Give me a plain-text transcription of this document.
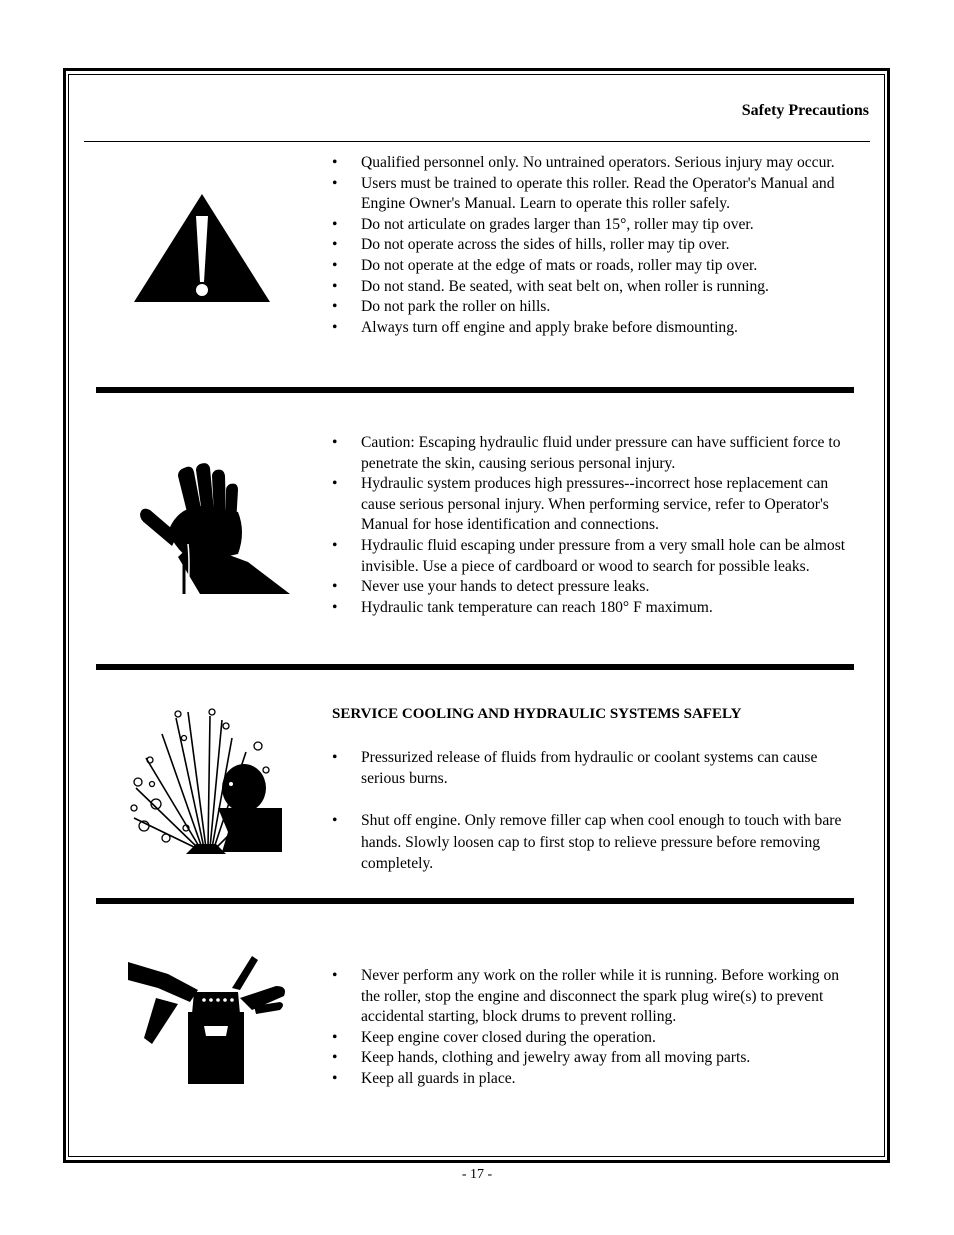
Safety Precautions
• Qualified personnel only. No untrained operators. Serious injury may occur.
• Users must be trained to operate this roller. Read the Operator's Manual and Engine Owner's Manual. Learn to operate this roller safely.
• Do not articulate on grades larger than 15°, roller may tip over.
• Do not operate across the sides of hills, roller may tip over.
• Do not operate at the edge of mats or roads, roller may tip over.
• Do not stand. Be seated, with seat belt on, when roller is running.
• Do not park the roller on hills.
• Always turn off engine and apply brake before dismounting.
• Caution: Escaping hydraulic fluid under pressure can have sufficient force to penetrate the skin, causing serious personal injury.
• Hydraulic system produces high pressures--incorrect hose replacement can cause serious personal injury. When performing service, refer to Operator's Manual for hose identification and connections.
• Hydraulic fluid escaping under pressure from a very small hole can be almost invisible. Use a piece of cardboard or wood to search for possible leaks.
• Never use your hands to detect pressure leaks.
• Hydraulic tank temperature can reach 180° F maximum.
SERVICE COOLING AND HYDRAULIC SYSTEMS SAFELY
• Pressurized release of fluids from hydraulic or coolant systems can cause serious burns.
• Shut off engine. Only remove filler cap when cool enough to touch with bare hands. Slowly loosen cap to first stop to relieve pressure before removing completely.
• Never perform any work on the roller while it is running. Before working on the roller, stop the engine and disconnect the spark plug wire(s) to prevent accidental starting, block drums to prevent rolling.
• Keep engine cover closed during the operation.
• Keep hands, clothing and jewelry away from all moving parts.
• Keep all guards in place.
- 17 -
